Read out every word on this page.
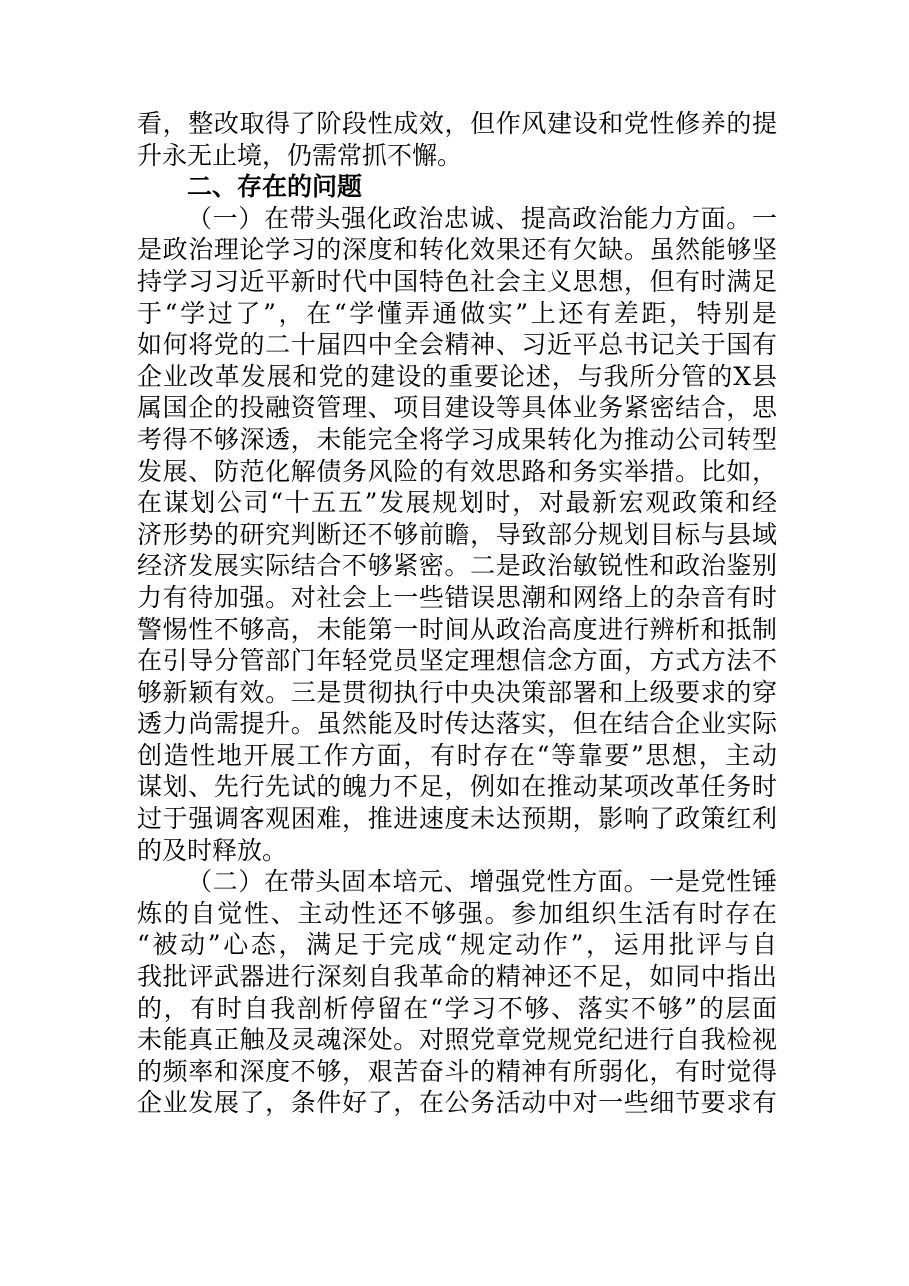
看，整改取得了阶段性成效，但作风建设和党性修养的提
升永无止境，仍需常抓不懈。
二、存在的问题
（一）在带头强化政治忠诚、提高政治能力方面。一
是政治理论学习的深度和转化效果还有欠缺。虽然能够坚
持学习习近平新时代中国特色社会主义思想，但有时满足
于“学过了”，在“学懂弄通做实”上还有差距，特别是
如何将党的二十届四中全会精神、习近平总书记关于国有
企业改革发展和党的建设的重要论述，与我所分管的X县
属国企的投融资管理、项目建设等具体业务紧密结合，思
考得不够深透，未能完全将学习成果转化为推动公司转型
发展、防范化解债务风险的有效思路和务实举措。比如，
在谋划公司“十五五”发展规划时，对最新宏观政策和经
济形势的研究判断还不够前瞻，导致部分规划目标与县域
经济发展实际结合不够紧密。二是政治敏锐性和政治鉴别
力有待加强。对社会上一些错误思潮和网络上的杂音有时
警惕性不够高，未能第一时间从政治高度进行辨析和抵制
在引导分管部门年轻党员坚定理想信念方面，方式方法不
够新颖有效。三是贯彻执行中央决策部署和上级要求的穿
透力尚需提升。虽然能及时传达落实，但在结合企业实际
创造性地开展工作方面，有时存在“等靠要”思想，主动
谋划、先行先试的魄力不足，例如在推动某项改革任务时
过于强调客观困难，推进速度未达预期，影响了政策红利
的及时释放。
（二）在带头固本培元、增强党性方面。一是党性锤
炼的自觉性、主动性还不够强。参加组织生活有时存在
“被动”心态，满足于完成“规定动作”，运用批评与自
我批评武器进行深刻自我革命的精神还不足，如同中指出
的，有时自我剖析停留在“学习不够、落实不够”的层面
未能真正触及灵魂深处。对照党章党规党纪进行自我检视
的频率和深度不够，艰苦奋斗的精神有所弱化，有时觉得
企业发展了，条件好了，在公务活动中对一些细节要求有
